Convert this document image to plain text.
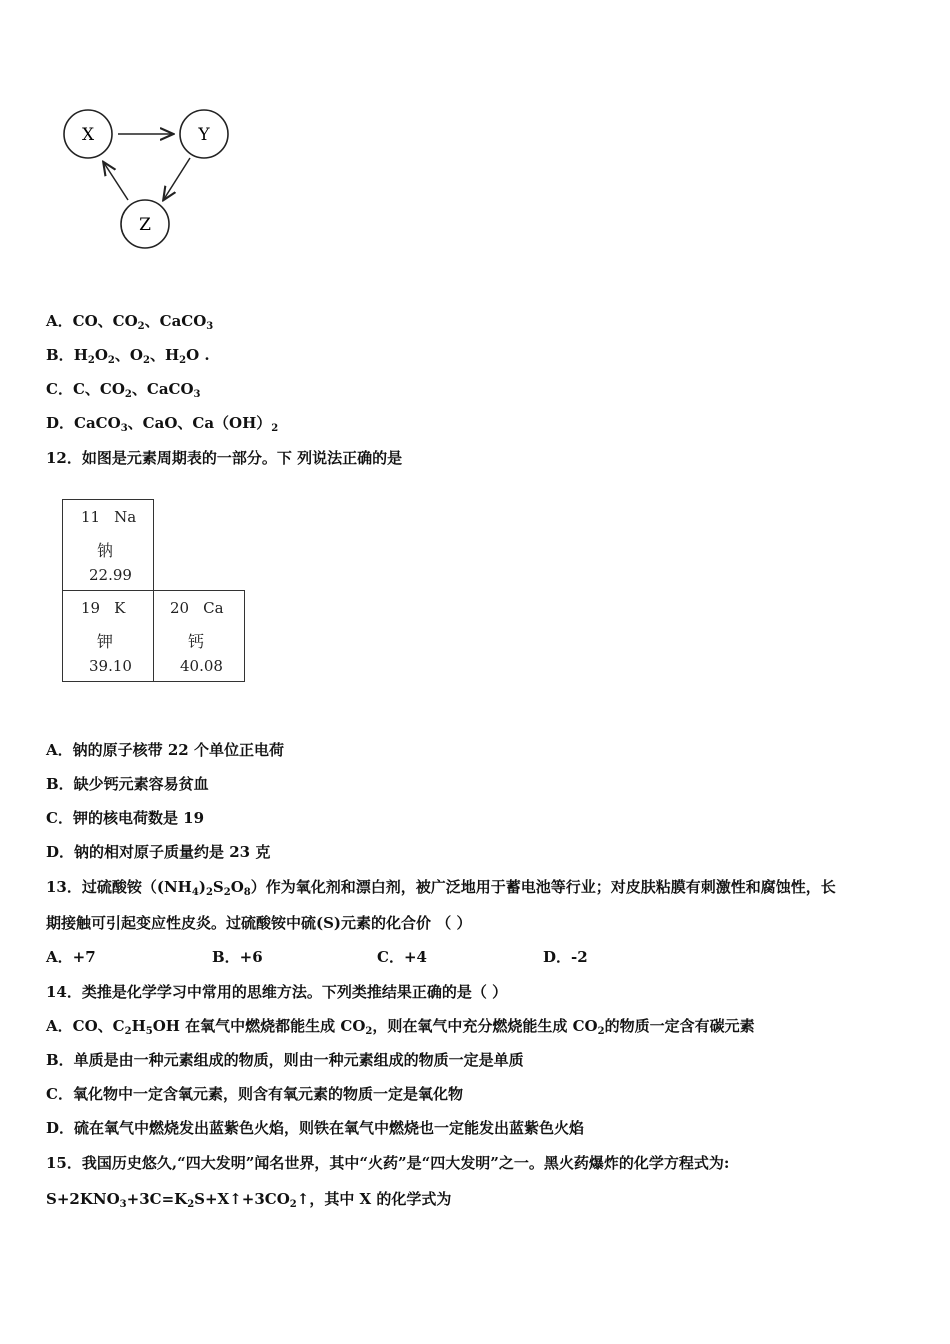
X	Y
Z
A．CO、$CO_2$、CaCO$_3$
B．$H_2O_2$、$O_2$、$H_2O$ .
C．C、$CO_2$、CaCO$_3$
D．CaCO$_3$、CaO、$Ca(OH)_2$
12．如图是元素周期表的一部分。下 列说法正确的是
11 Na
钠
22.99
19 K
钾
39.10
20 Ca
钙
40.08
A．钠的原子核带 22 个单位正电荷
B．缺少钙元素容易贫血
C．钾的核电荷数是 19
D．钠的相对原子质量约是 23 克
13．过硫酸铵$((NH_4)_2S_2O_8)$作为氧化剂和漂白剂，被广泛地用于蓄电池等行业；对皮肤粘膜有刺激性和腐蚀性，长
期接触可引起变应性皮炎。过硫酸铵中硫(S)元素的化合价 （ ）
A．+7	B．+6	C．+4	D．-2
14．类推是化学学习中常用的思维方法。下列类推结果正确的是（ ）
A．CO、$C_2H_5OH$ 在氧气中燃烧都能生成 $CO_2$，则在氧气中充分燃烧能生成 $CO_2$的物质一定含有碳元素
B．单质是由一种元素组成的物质，则由一种元素组成的物质一定是单质
C．氧化物中一定含氧元素，则含有氧元素的物质一定是氧化物
D．硫在氧气中燃烧发出蓝紫色火焰，则铁在氧气中燃烧也一定能发出蓝紫色火焰
15．我国历史悠久,“四大发明”闻名世界，其中“火药”是“四大发明”之一。黑火药爆炸的化学方程式为:
$S+2KNO_3+3C=K_2S+X↑+3CO_2↑$，其中 X 的化学式为
